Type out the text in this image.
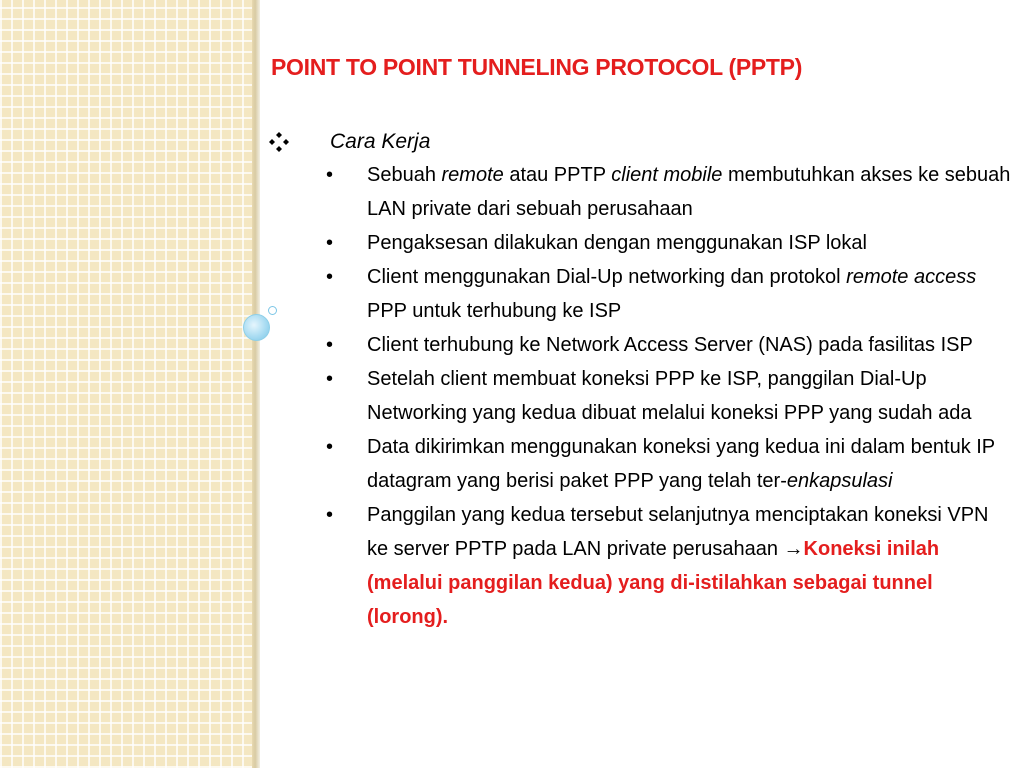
POINT TO POINT TUNNELING PROTOCOL (PPTP)
Cara Kerja
• Sebuah remote atau PPTP client mobile membutuhkan akses ke sebuah LAN private dari sebuah perusahaan
• Pengaksesan dilakukan dengan menggunakan ISP lokal
• Client menggunakan Dial-Up networking dan protokol remote access PPP untuk terhubung ke ISP
• Client terhubung ke Network Access Server (NAS) pada fasilitas ISP
• Setelah client membuat koneksi PPP ke ISP, panggilan Dial-Up Networking yang kedua dibuat melalui koneksi PPP yang sudah ada
• Data dikirimkan menggunakan koneksi yang kedua ini dalam bentuk IP datagram yang berisi paket PPP yang telah ter-enkapsulasi
• Panggilan yang kedua tersebut selanjutnya menciptakan koneksi VPN ke server PPTP pada LAN private perusahaan →Koneksi inilah (melalui panggilan kedua) yang di-istilahkan sebagai tunnel (lorong).
